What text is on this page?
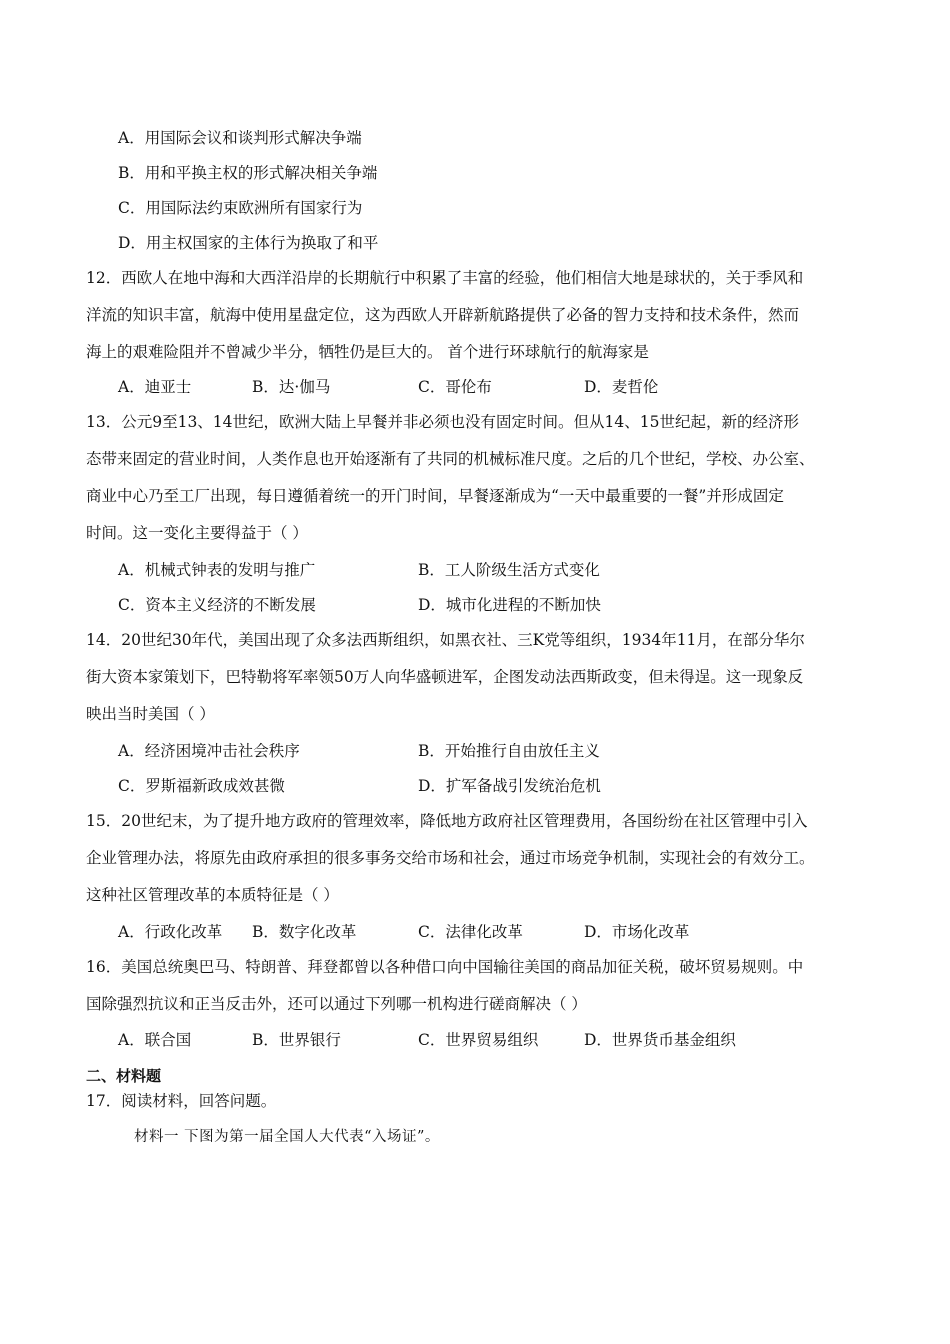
A．用国际会议和谈判形式解决争端
B．用和平换主权的形式解决相关争端
C．用国际法约束欧洲所有国家行为
D．用主权国家的主体行为换取了和平
12．西欧人在地中海和大西洋沿岸的长期航行中积累了丰富的经验，他们相信大地是球状的，关于季风和
洋流的知识丰富，航海中使用星盘定位，这为西欧人开辟新航路提供了必备的智力支持和技术条件，然而
海上的艰难险阻并不曾减少半分，牺牲仍是巨大的。 首个进行环球航行的航海家是
A．迪亚士	B．达·伽马	C．哥伦布	D．麦哲伦
13．公元9至13、14世纪，欧洲大陆上早餐并非必须也没有固定时间。但从14、15世纪起，新的经济形
态带来固定的营业时间，人类作息也开始逐渐有了共同的机械标准尺度。之后的几个世纪，学校、办公室、
商业中心乃至工厂出现，每日遵循着统一的开门时间，早餐逐渐成为“一天中最重要的一餐”并形成固定
时间。这一变化主要得益于（ ）
A．机械式钟表的发明与推广	B．工人阶级生活方式变化
C．资本主义经济的不断发展	D．城市化进程的不断加快
14．20世纪30年代，美国出现了众多法西斯组织，如黑衣社、三K党等组织，1934年11月，在部分华尔
街大资本家策划下，巴特勒将军率领50万人向华盛顿进军，企图发动法西斯政变，但未得逞。这一现象反
映出当时美国（ ）
A．经济困境冲击社会秩序	B．开始推行自由放任主义
C．罗斯福新政成效甚微	D．扩军备战引发统治危机
15．20世纪末，为了提升地方政府的管理效率，降低地方政府社区管理费用，各国纷纷在社区管理中引入
企业管理办法，将原先由政府承担的很多事务交给市场和社会，通过市场竞争机制，实现社会的有效分工。
这种社区管理改革的本质特征是（ ）
A．行政化改革 B．数字化改革	C．法律化改革	D．市场化改革
16．美国总统奥巴马、特朗普、拜登都曾以各种借口向中国输往美国的商品加征关税，破坏贸易规则。中
国除强烈抗议和正当反击外，还可以通过下列哪一机构进行磋商解决（ ）
A．联合国	B．世界银行	C．世界贸易组织	D．世界货币基金组织
二、材料题
17．阅读材料，回答问题。
材料一 下图为第一届全国人大代表“入场证”。
